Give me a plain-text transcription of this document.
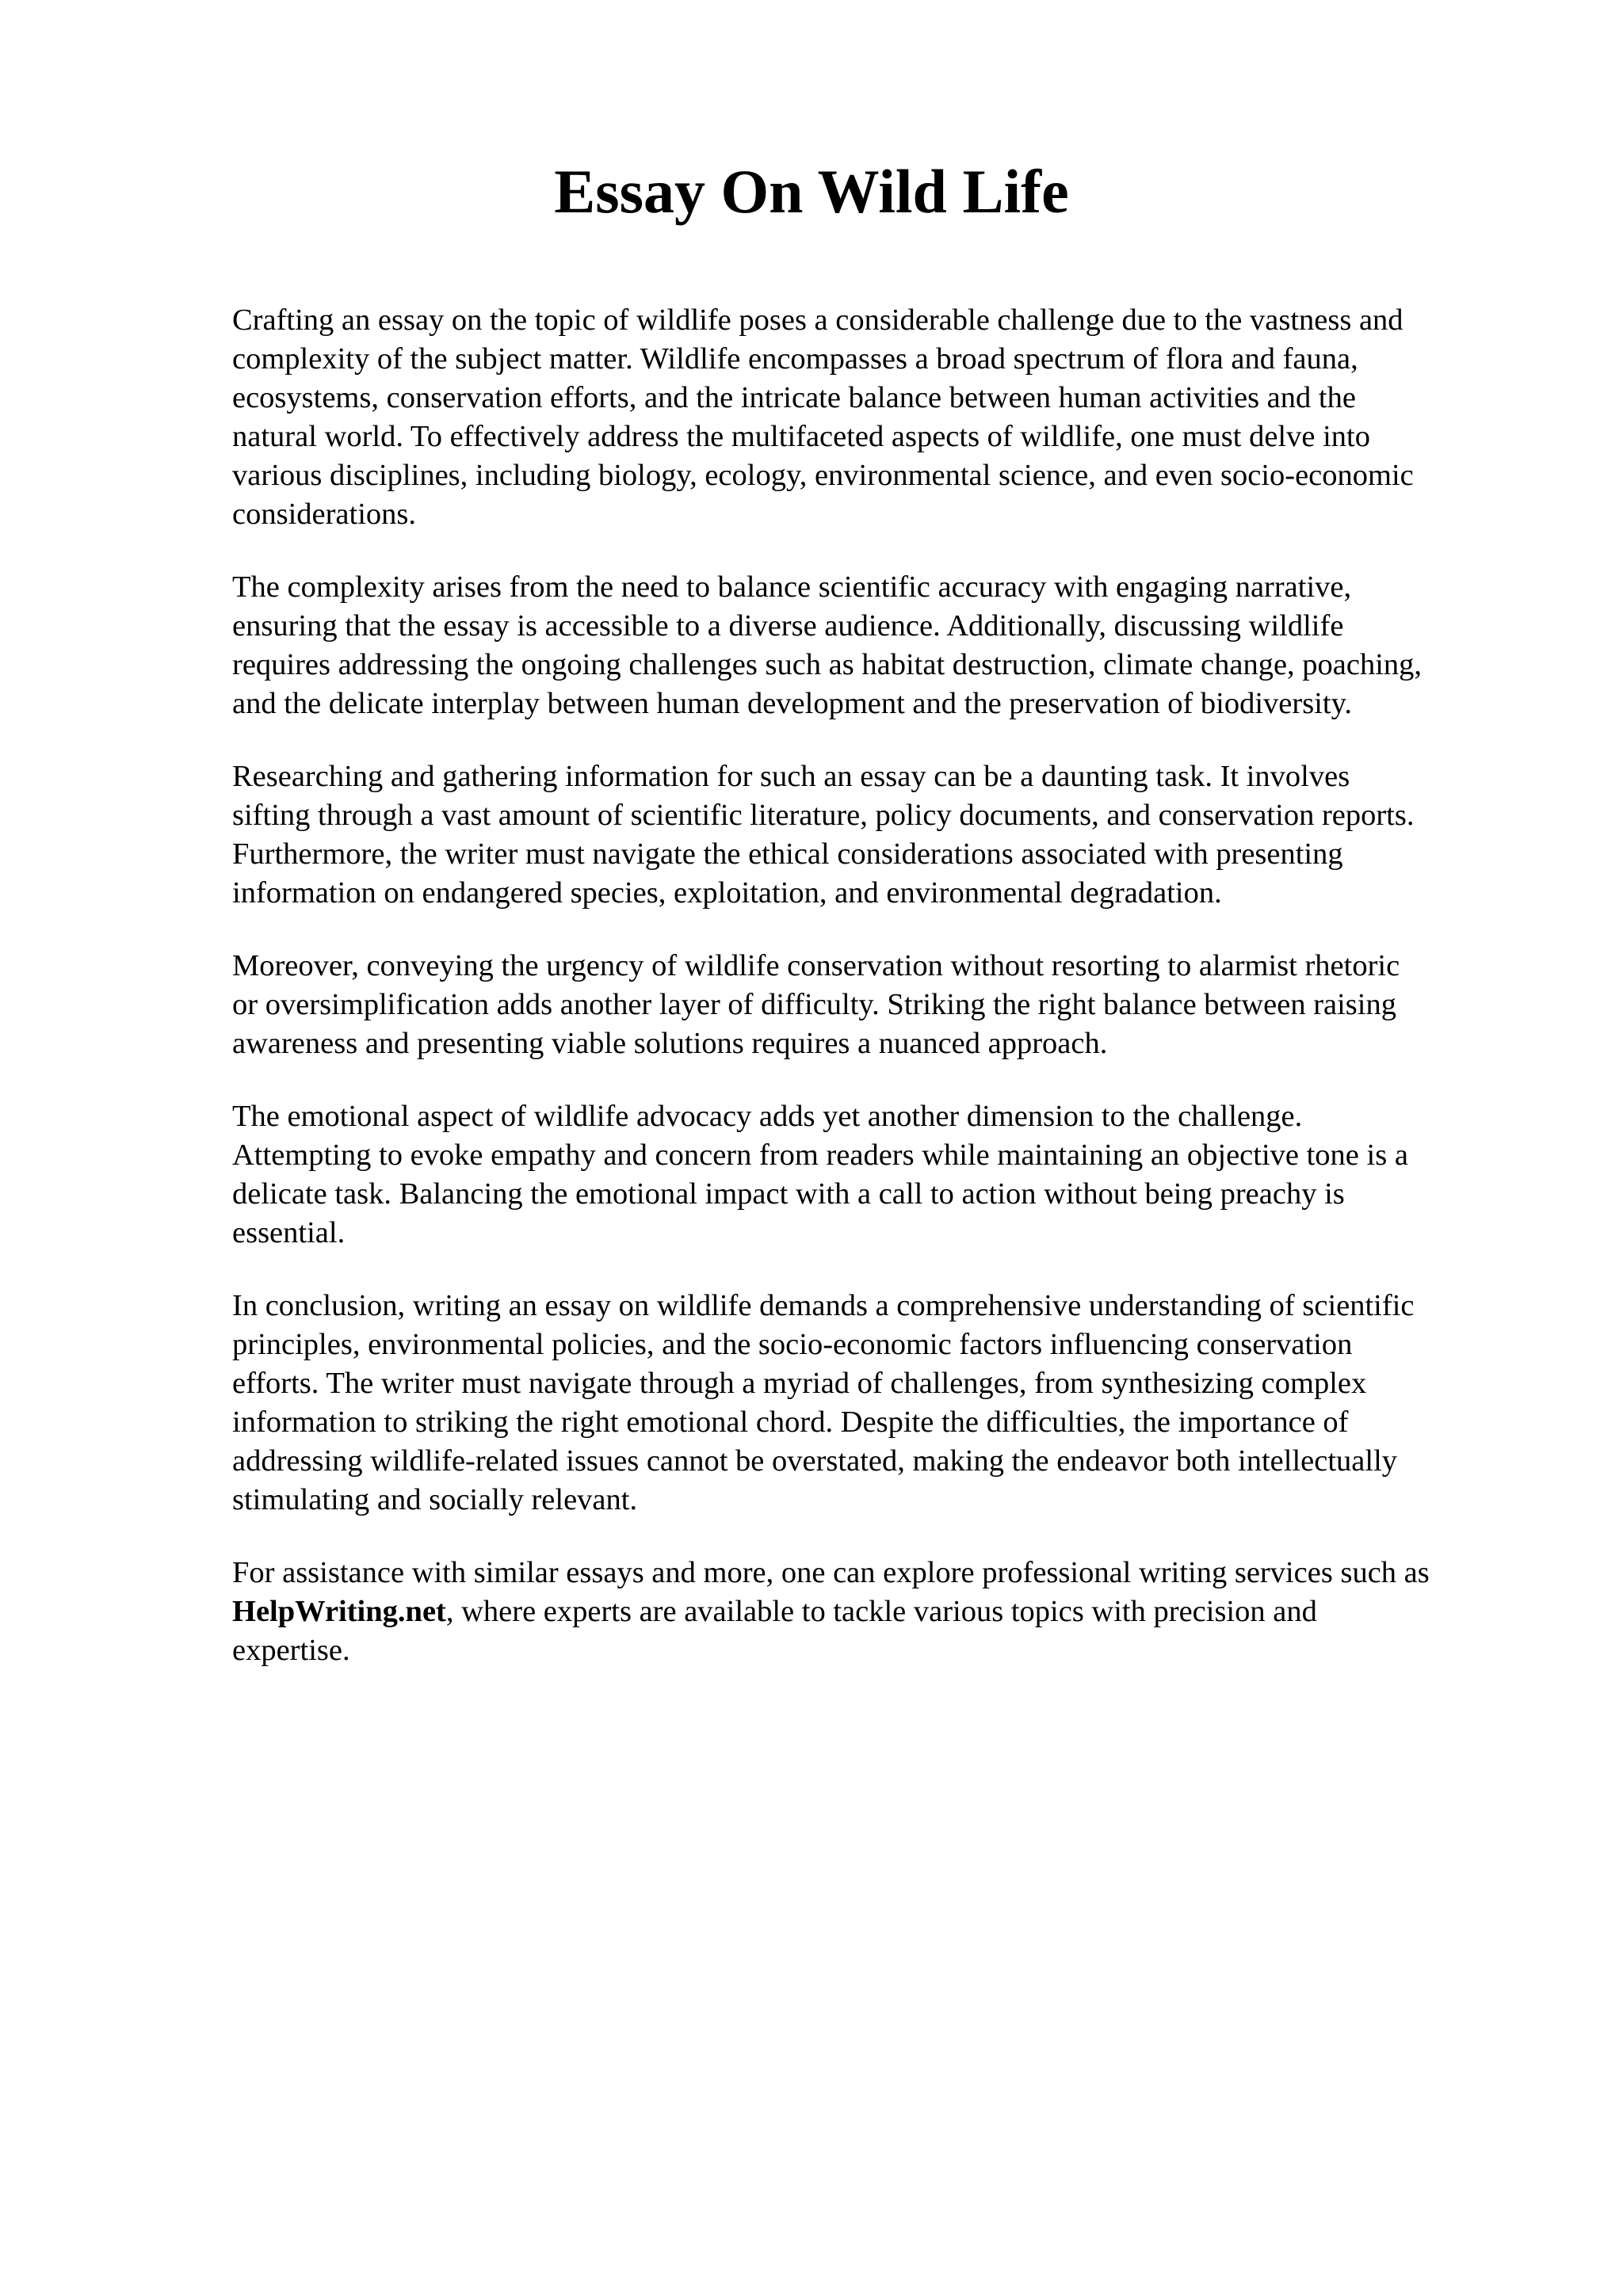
Essay On Wild Life

Crafting an essay on the topic of wildlife poses a considerable challenge due to the vastness and
complexity of the subject matter. Wildlife encompasses a broad spectrum of flora and fauna,
ecosystems, conservation efforts, and the intricate balance between human activities and the
natural world. To effectively address the multifaceted aspects of wildlife, one must delve into
various disciplines, including biology, ecology, environmental science, and even socio-economic
considerations.

The complexity arises from the need to balance scientific accuracy with engaging narrative,
ensuring that the essay is accessible to a diverse audience. Additionally, discussing wildlife
requires addressing the ongoing challenges such as habitat destruction, climate change, poaching,
and the delicate interplay between human development and the preservation of biodiversity.

Researching and gathering information for such an essay can be a daunting task. It involves
sifting through a vast amount of scientific literature, policy documents, and conservation reports.
Furthermore, the writer must navigate the ethical considerations associated with presenting
information on endangered species, exploitation, and environmental degradation.

Moreover, conveying the urgency of wildlife conservation without resorting to alarmist rhetoric
or oversimplification adds another layer of difficulty. Striking the right balance between raising
awareness and presenting viable solutions requires a nuanced approach.

The emotional aspect of wildlife advocacy adds yet another dimension to the challenge.
Attempting to evoke empathy and concern from readers while maintaining an objective tone is a
delicate task. Balancing the emotional impact with a call to action without being preachy is
essential.

In conclusion, writing an essay on wildlife demands a comprehensive understanding of scientific
principles, environmental policies, and the socio-economic factors influencing conservation
efforts. The writer must navigate through a myriad of challenges, from synthesizing complex
information to striking the right emotional chord. Despite the difficulties, the importance of
addressing wildlife-related issues cannot be overstated, making the endeavor both intellectually
stimulating and socially relevant.

For assistance with similar essays and more, one can explore professional writing services such as
HelpWriting.net, where experts are available to tackle various topics with precision and
expertise.
